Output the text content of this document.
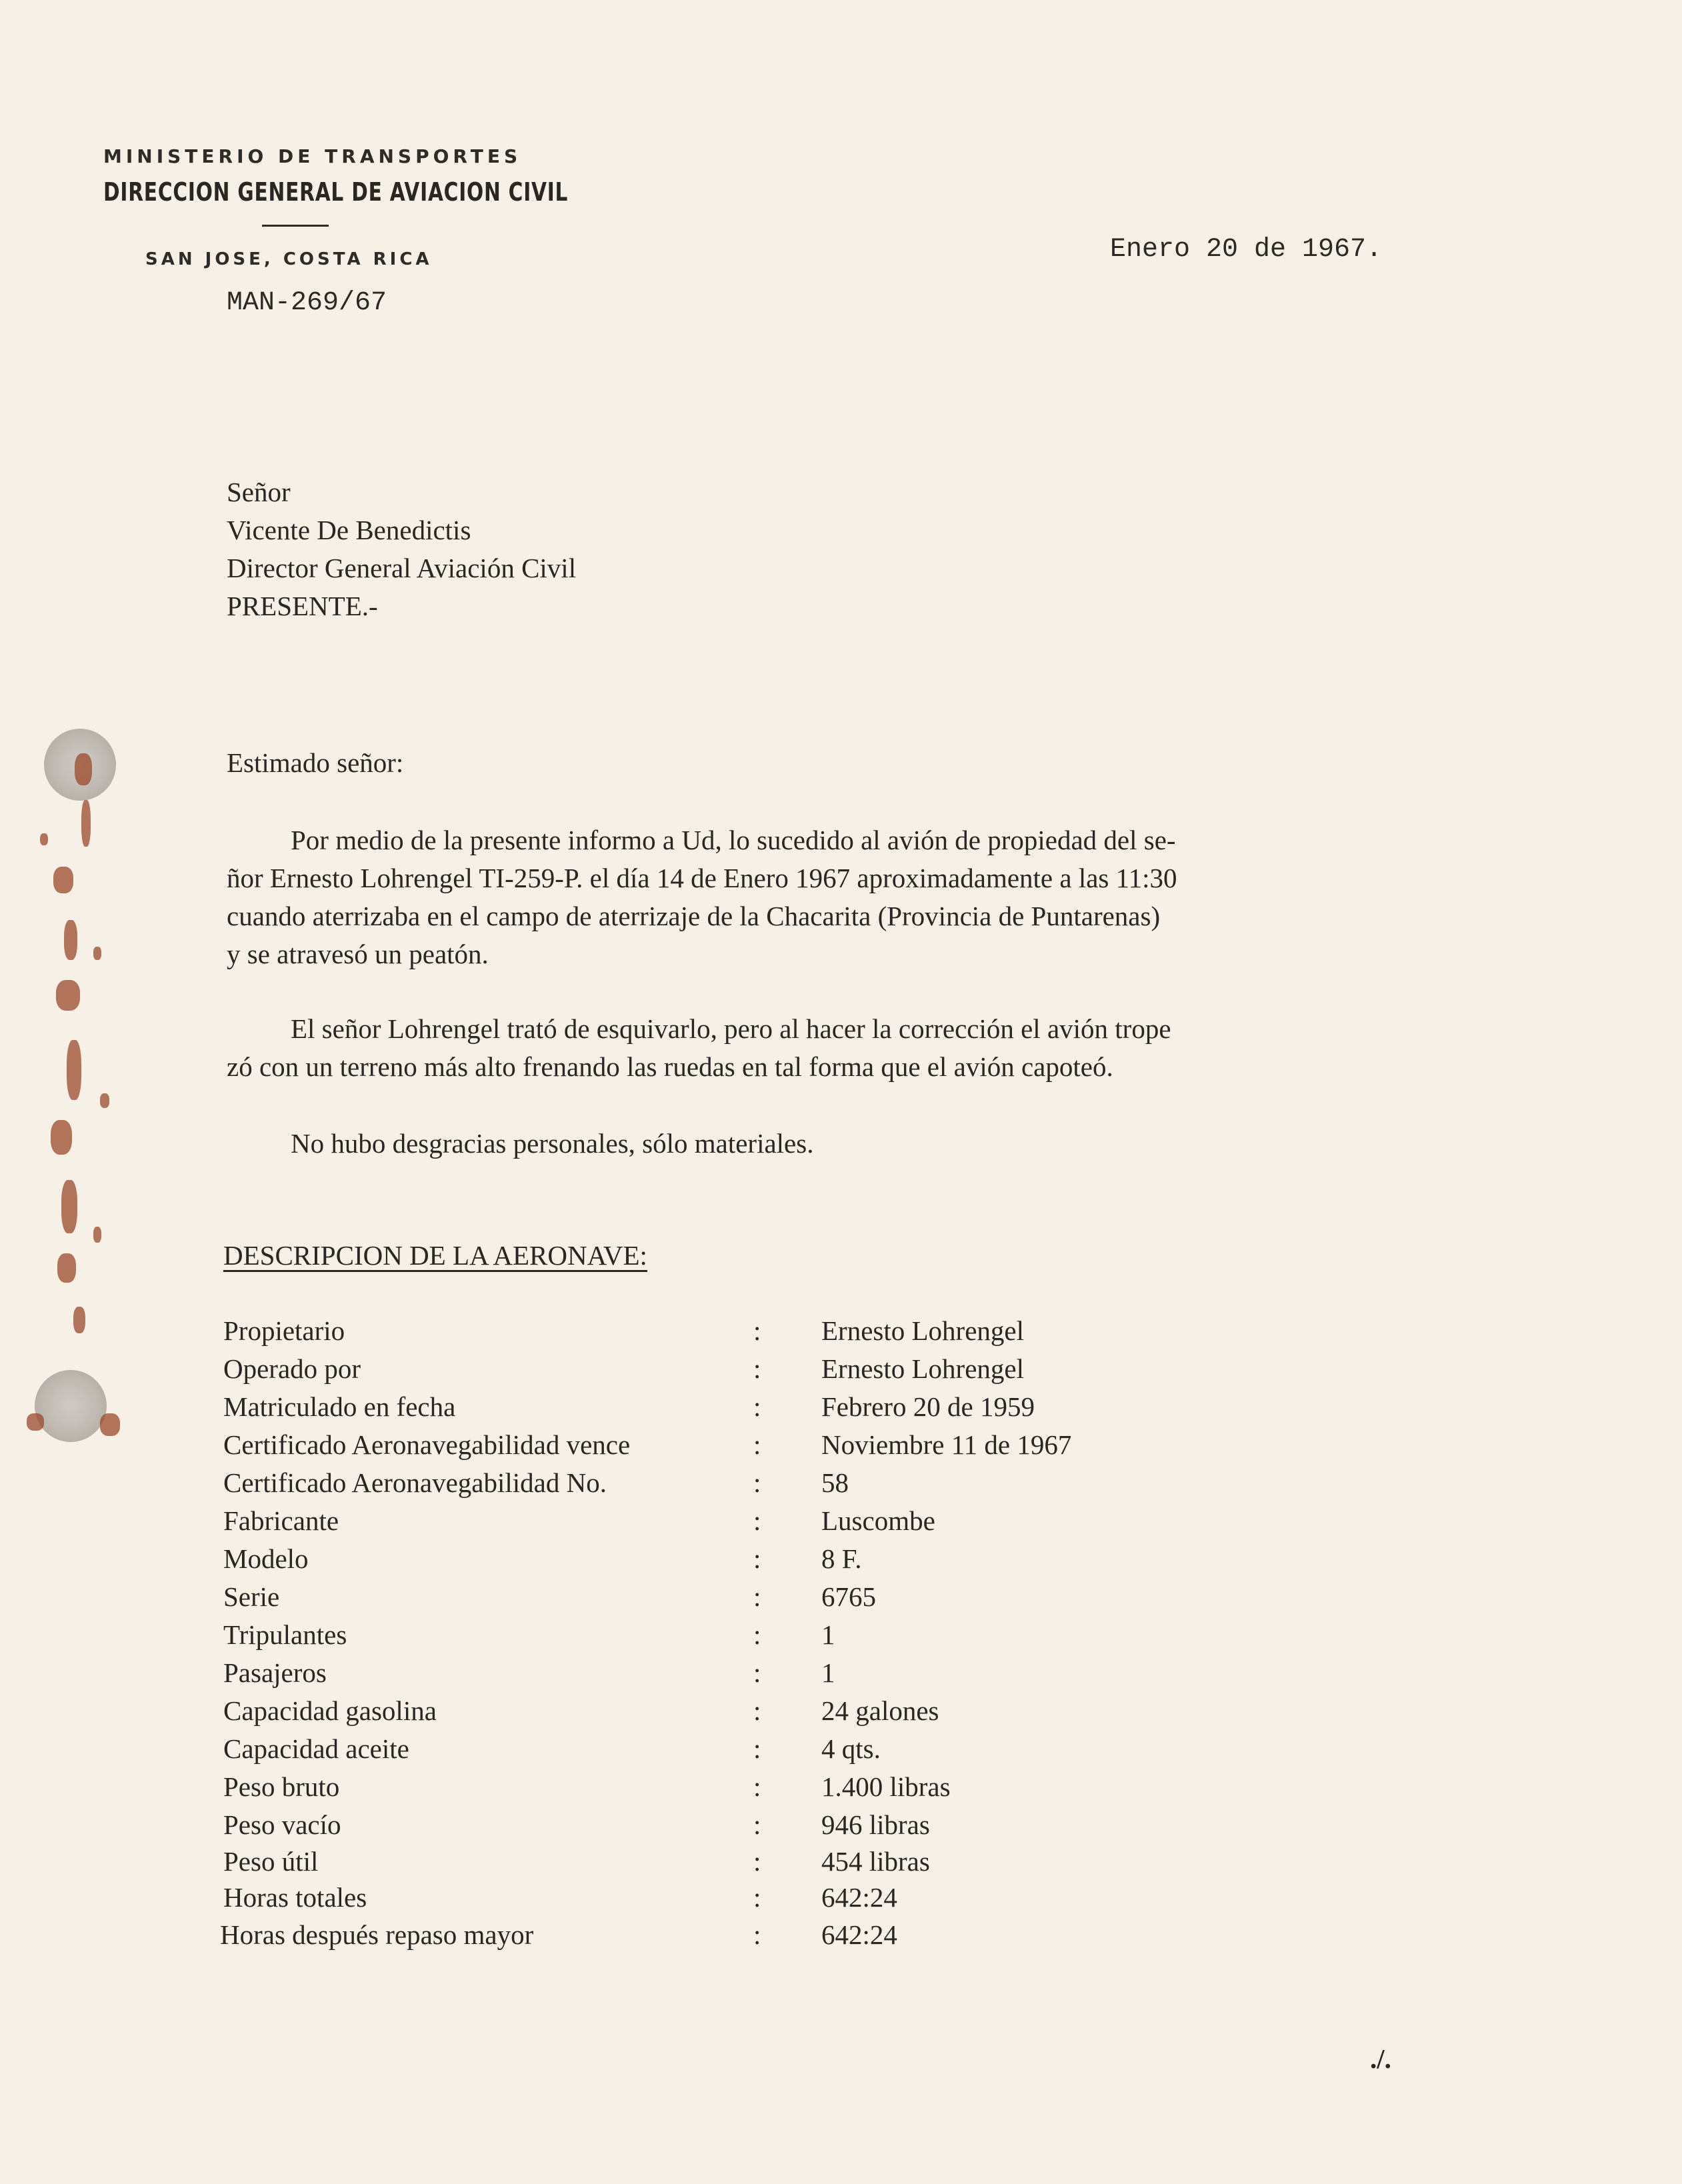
MINISTERIO DE TRANSPORTES
DIRECCION GENERAL DE AVIACION CIVIL
SAN JOSE, COSTA RICA
MAN-269/67
Enero 20 de 1967.
Señor
Vicente De Benedictis
Director General Aviación Civil
PRESENTE.-
Estimado señor:
Por medio de la presente informo a Ud, lo sucedido al avión de propiedad del se-
ñor Ernesto Lohrengel TI-259-P. el día 14 de Enero 1967 aproximadamente a las 11:30
cuando aterrizaba en el campo de aterrizaje de la Chacarita (Provincia de Puntarenas)
y se atravesó un peatón.
El señor Lohrengel trató de esquivarlo, pero al hacer la corrección el avión trope
zó con un terreno más alto frenando las ruedas en tal forma que el avión capoteó.
No hubo desgracias personales, sólo materiales.
DESCRIPCION DE LA AERONAVE:
Propietario	: Ernesto Lohrengel
Operado por	: Ernesto Lohrengel
Matriculado en fecha	: Febrero 20 de 1959
Certificado Aeronavegabilidad vence	: Noviembre 11 de 1967
Certificado Aeronavegabilidad No.	: 58
Fabricante	: Luscombe
Modelo	: 8 F.
Serie	: 6765
Tripulantes	: 1
Pasajeros	: 1
Capacidad gasolina	: 24 galones
Capacidad aceite	: 4 qts.
Peso bruto	: 1.400 libras
Peso vacío	: 946 libras
Peso útil	: 454 libras
Horas totales	: 642:24
Horas después repaso mayor	: 642:24
./.
